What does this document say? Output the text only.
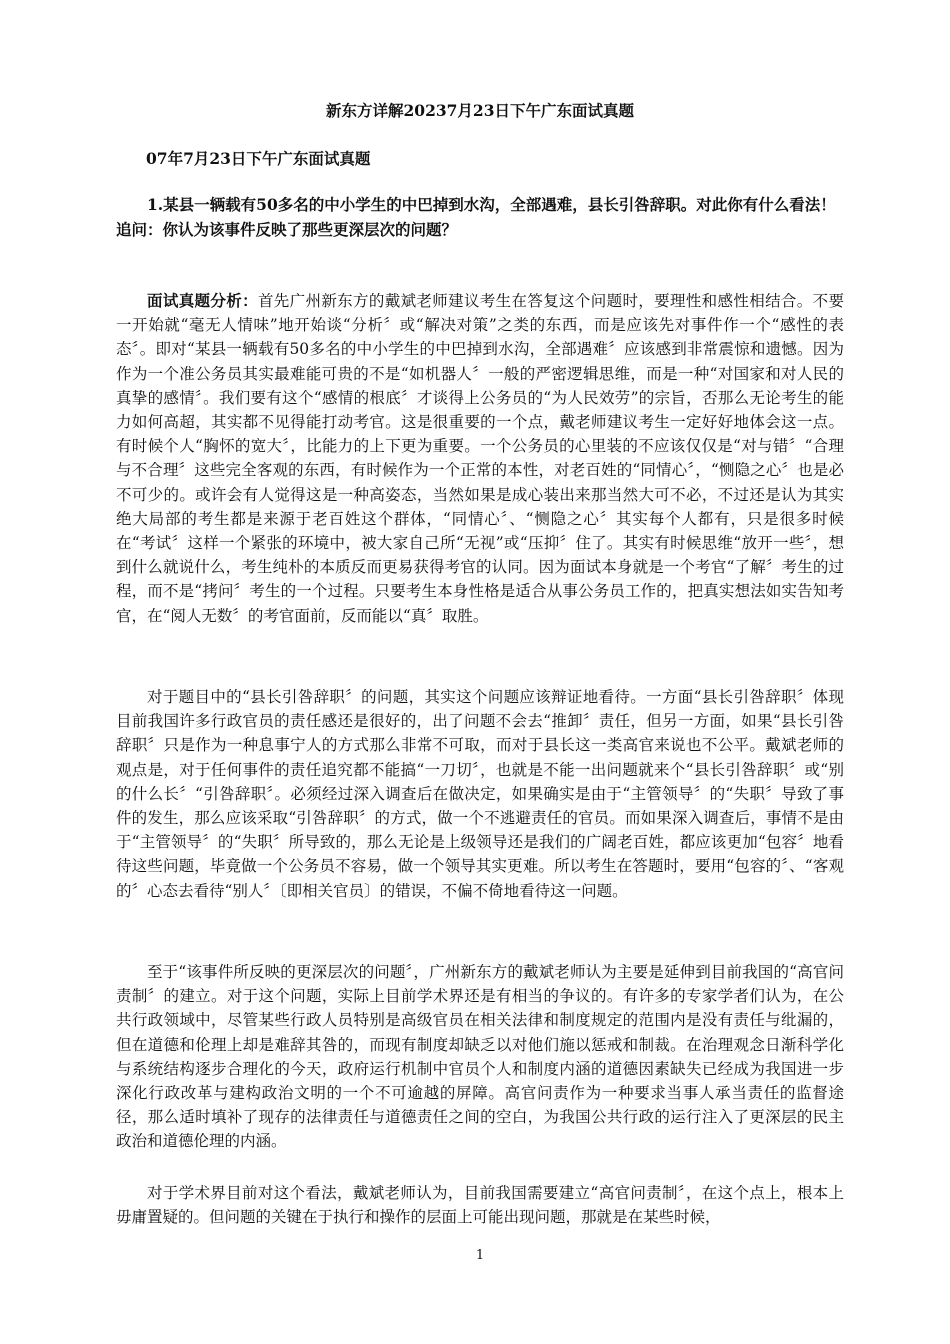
新东方详解20237月23日下午广东面试真题
07年7月23日下午广东面试真题

1.某县一辆载有50多名的中小学生的中巴掉到水沟，全部遇难，县长引咎辞职。对此你有什么看法！

追问：你认为该事件反映了那些更深层次的问题？

面试真题分析：首先广州新东方的戴斌老师建议考生在答复这个问题时，要理性和感性相结合。不要一开始就“毫无人情味”地开始谈“分析〞或“解决对策”之类的东西，而是应该先对事件作一个“感性的表态〞。即对“某县一辆载有50多名的中小学生的中巴掉到水沟，全部遇难〞应该感到非常震惊和遗憾。因为作为一个准公务员其实最难能可贵的不是“如机器人〞一般的严密逻辑思维，而是一种“对国家和对人民的真挚的感情〞。我们要有这个“感情的根底〞才谈得上公务员的“为人民效劳”的宗旨，否那么无论考生的能力如何高超，其实都不见得能打动考官。这是很重要的一个点，戴老师建议考生一定好好地体会这一点。有时候个人“胸怀的宽大〞，比能力的上下更为重要。一个公务员的心里装的不应该仅仅是“对与错〞“合理与不合理〞这些完全客观的东西，有时候作为一个正常的本性，对老百姓的“同情心〞，“恻隐之心〞也是必不可少的。或许会有人觉得这是一种高姿态，当然如果是成心装出来那当然大可不必，不过还是认为其实绝大局部的考生都是来源于老百姓这个群体，“同情心〞、“恻隐之心〞其实每个人都有，只是很多时候在“考试〞这样一个紧张的环境中，被大家自己所“无视”或“压抑〞住了。其实有时候思维“放开一些〞，想到什么就说什么，考生纯朴的本质反而更易获得考官的认同。因为面试本身就是一个考官“了解〞考生的过程，而不是“拷问〞考生的一个过程。只要考生本身性格是适合从事公务员工作的，把真实想法如实告知考官，在“阅人无数〞的考官面前，反而能以“真〞取胜。

对于题目中的“县长引咎辞职〞的问题，其实这个问题应该辩证地看待。一方面“县长引咎辞职〞体现目前我国许多行政官员的责任感还是很好的，出了问题不会去“推卸〞责任，但另一方面，如果“县长引咎辞职〞只是作为一种息事宁人的方式那么非常不可取，而对于县长这一类高官来说也不公平。戴斌老师的观点是，对于任何事件的责任追究都不能搞“一刀切〞，也就是不能一出问题就来个“县长引咎辞职〞或“别的什么长〞“引咎辞职〞。必须经过深入调查后在做决定，如果确实是由于“主管领导〞的“失职〞导致了事件的发生，那么应该采取“引咎辞职〞的方式，做一个不逃避责任的官员。而如果深入调查后，事情不是由于“主管领导〞的“失职〞所导致的，那么无论是上级领导还是我们的广阔老百姓，都应该更加“包容〞地看待这些问题，毕竟做一个公务员不容易，做一个领导其实更难。所以考生在答题时，要用“包容的〞、“客观的〞心态去看待“别人〞〔即相关官员〕的错误，不偏不倚地看待这一问题。

至于“该事件所反映的更深层次的问题〞，广州新东方的戴斌老师认为主要是延伸到目前我国的“高官问责制〞的建立。对于这个问题，实际上目前学术界还是有相当的争议的。有许多的专家学者们认为，在公共行政领域中，尽管某些行政人员特别是高级官员在相关法律和制度规定的范围内是没有责任与纰漏的，但在道德和伦理上却是难辞其咎的，而现有制度却缺乏以对他们施以惩戒和制裁。在治理观念日渐科学化与系统结构逐步合理化的今天，政府运行机制中官员个人和制度内涵的道德因素缺失已经成为我国进一步深化行政改革与建构政治文明的一个不可逾越的屏障。高官问责作为一种要求当事人承当责任的监督途径，那么适时填补了现存的法律责任与道德责任之间的空白，为我国公共行政的运行注入了更深层的民主政治和道德伦理的内涵。

对于学术界目前对这个看法，戴斌老师认为，目前我国需要建立“高官问责制〞，在这个点上，根本上毋庸置疑的。但问题的关键在于执行和操作的层面上可能出现问题，那就是在某些时候，

1
